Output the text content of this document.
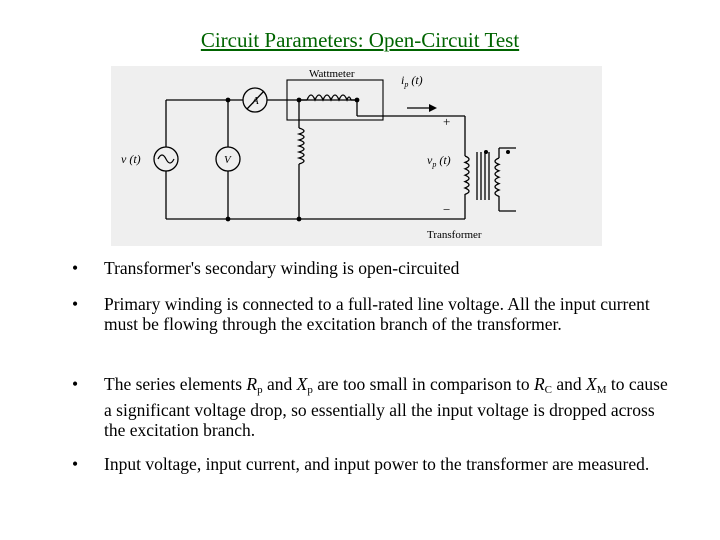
Circuit Parameters: Open-Circuit Test
Wattmeter
A
V
v (t)
$i_p$ (t)
$v_p$ (t)
+
−
Transformer
• Transformer's secondary winding is open-circuited
• Primary winding is connected to a full-rated line voltage. All the input current must be flowing through the excitation branch of the transformer.
• The series elements $R_p$ and $X_p$ are too small in comparison to $R_C$ and $X_M$ to cause a significant voltage drop, so essentially all the input voltage is dropped across the excitation branch.
• Input voltage, input current, and input power to the transformer are measured.
